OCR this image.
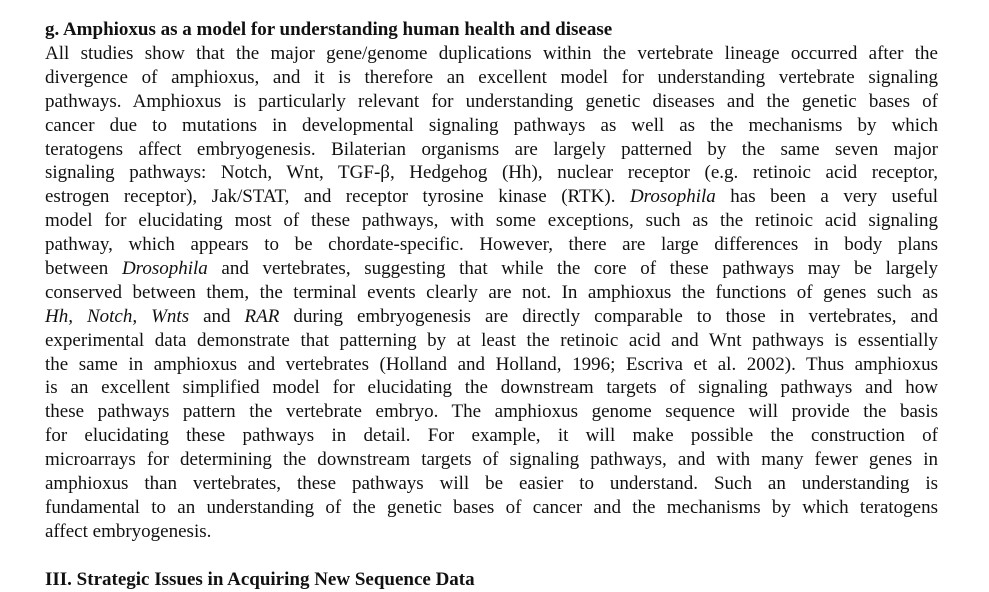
g. Amphioxus as a model for understanding human health and disease
All studies show that the major gene/genome duplications within the vertebrate lineage occurred after the
divergence of amphioxus, and it is therefore an excellent model for understanding vertebrate signaling
pathways. Amphioxus is particularly relevant for understanding genetic diseases and the genetic bases of
cancer due to mutations in developmental signaling pathways as well as the mechanisms by which
teratogens affect embryogenesis. Bilaterian organisms are largely patterned by the same seven major
signaling pathways: Notch, Wnt, TGF-β, Hedgehog (Hh), nuclear receptor (e.g. retinoic acid receptor,
estrogen receptor), Jak/STAT, and receptor tyrosine kinase (RTK). Drosophila has been a very useful
model for elucidating most of these pathways, with some exceptions, such as the retinoic acid signaling
pathway, which appears to be chordate-specific. However, there are large differences in body plans
between Drosophila and vertebrates, suggesting that while the core of these pathways may be largely
conserved between them, the terminal events clearly are not. In amphioxus the functions of genes such as
Hh, Notch, Wnts and RAR during embryogenesis are directly comparable to those in vertebrates, and
experimental data demonstrate that patterning by at least the retinoic acid and Wnt pathways is essentially
the same in amphioxus and vertebrates (Holland and Holland, 1996; Escriva et al. 2002). Thus amphioxus
is an excellent simplified model for elucidating the downstream targets of signaling pathways and how
these pathways pattern the vertebrate embryo. The amphioxus genome sequence will provide the basis
for elucidating these pathways in detail. For example, it will make possible the construction of
microarrays for determining the downstream targets of signaling pathways, and with many fewer genes in
amphioxus than vertebrates, these pathways will be easier to understand. Such an understanding is
fundamental to an understanding of the genetic bases of cancer and the mechanisms by which teratogens
affect embryogenesis.
III. Strategic Issues in Acquiring New Sequence Data
